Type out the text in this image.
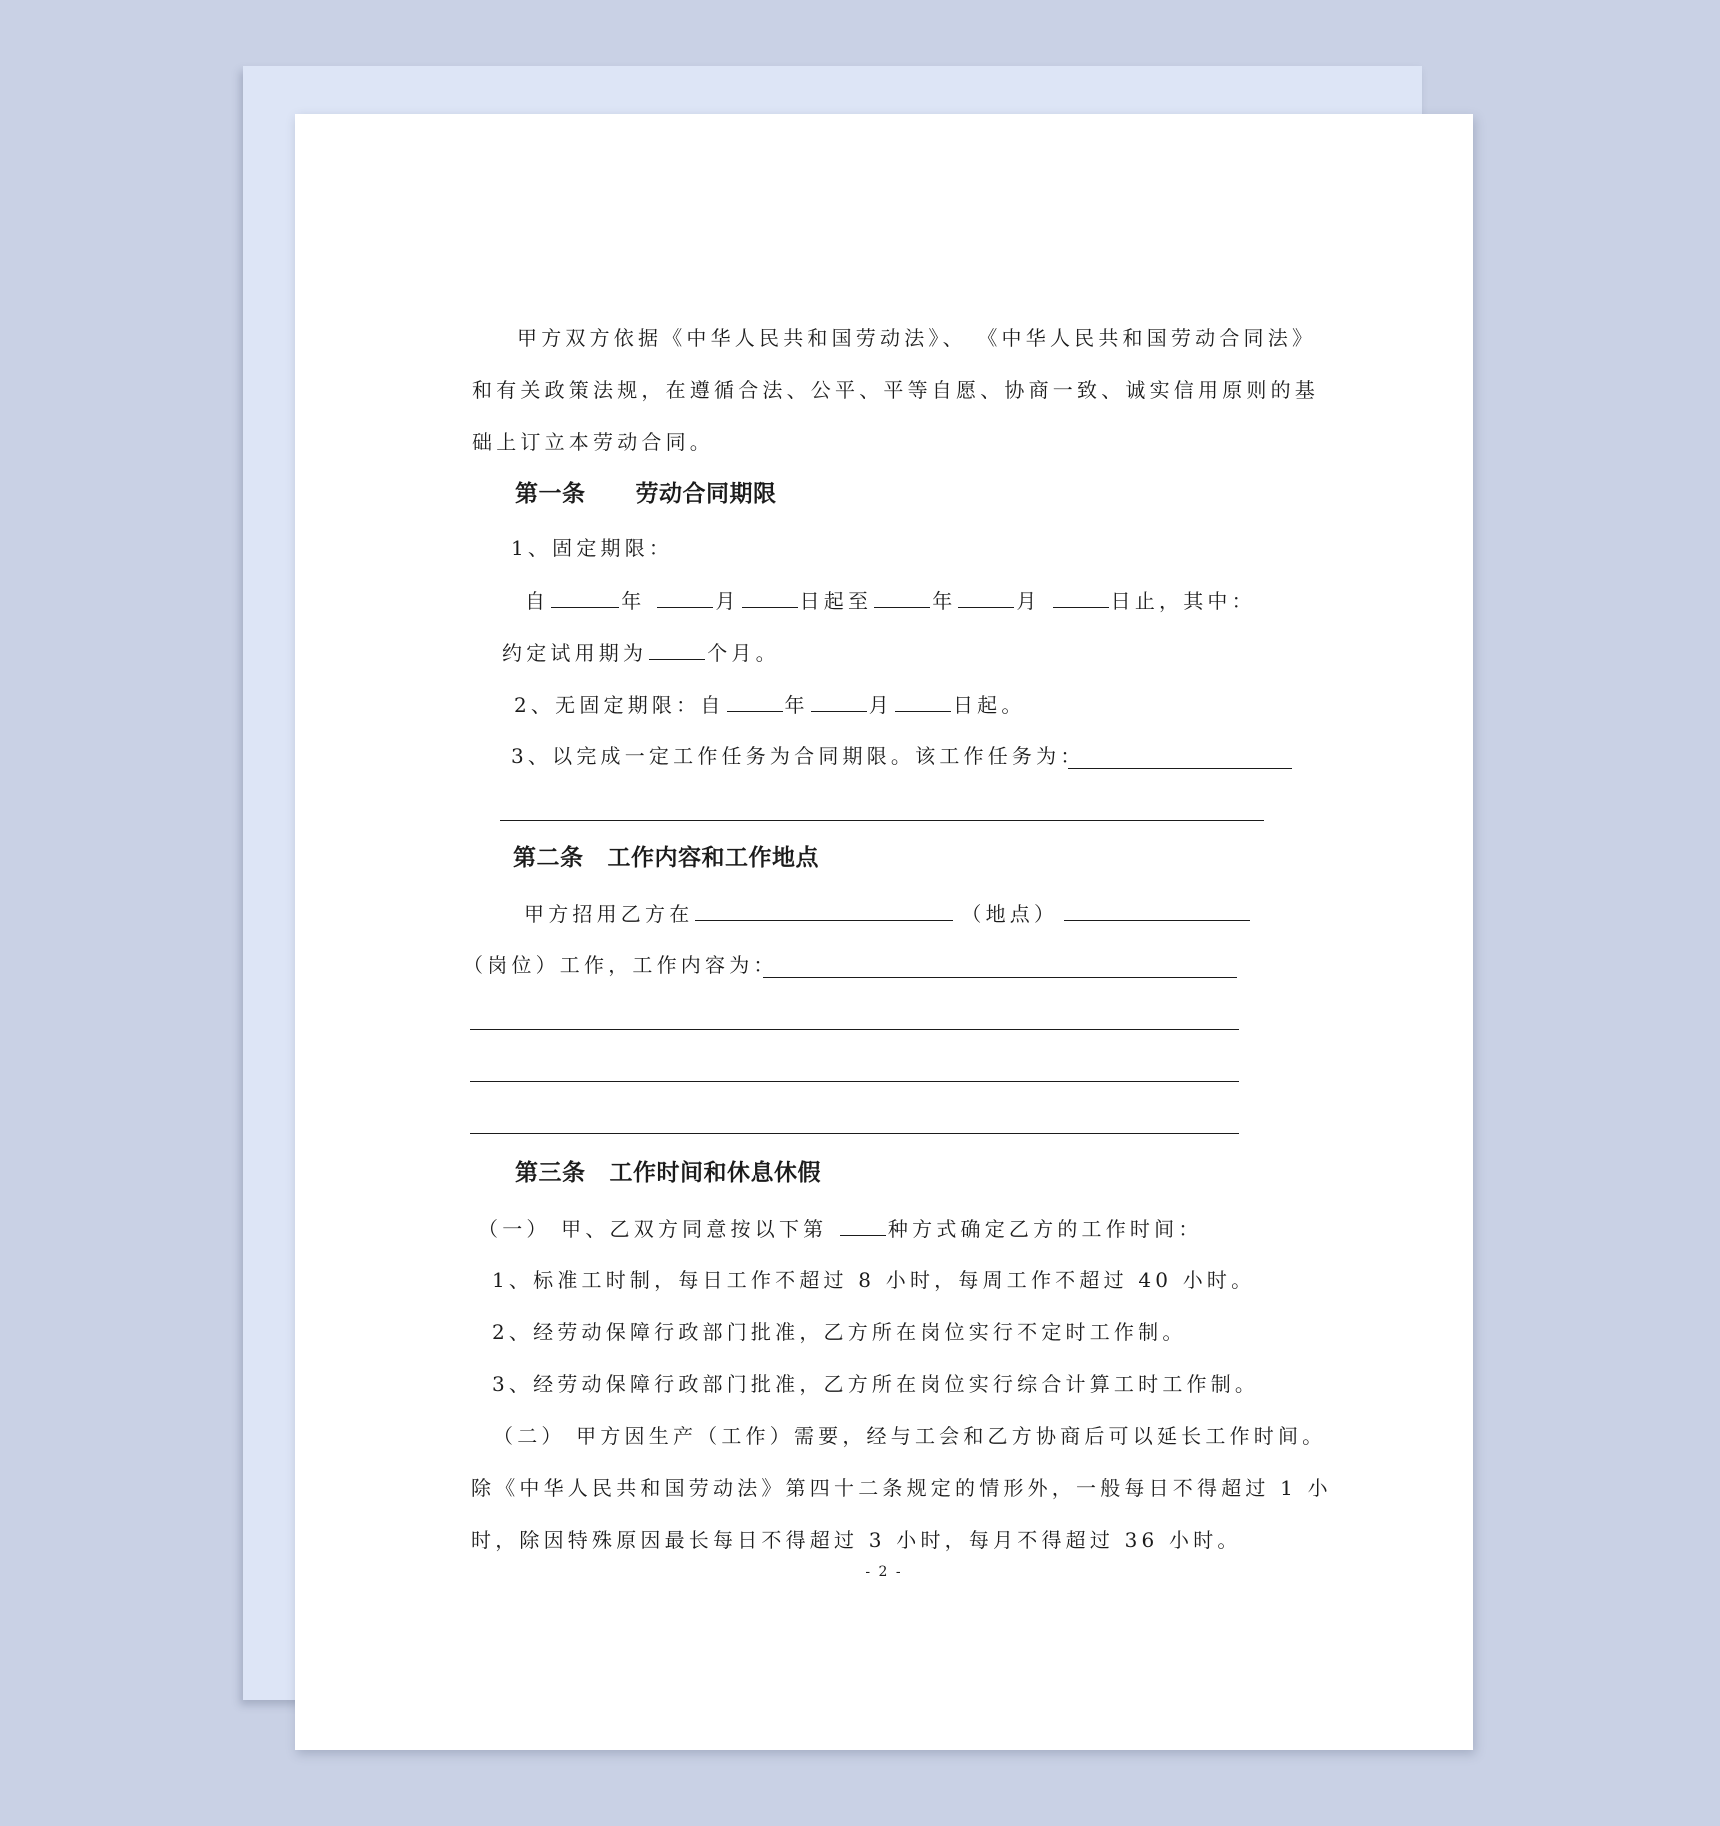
甲方双方依据《中华人民共和国劳动法》、 《中华人民共和国劳动合同法》
和有关政策法规，在遵循合法、公平、平等自愿、协商一致、诚实信用原则的基
础上订立本劳动合同。
第一条 劳动合同期限
1、固定期限：
自	年	月	日起至	年	月	日止，其中：
约定试用期为	个月。
2、无固定期限：自	年	月	日起。
3、以完成一定工作任务为合同期限。该工作任务为：
第二条 工作内容和工作地点
甲方招用乙方在	（地点）
（岗位）工作，工作内容为：
第三条 工作时间和休息休假
（一） 甲、乙双方同意按以下第	种方式确定乙方的工作时间：
1、标准工时制，每日工作不超过 8 小时，每周工作不超过 40 小时。
2、经劳动保障行政部门批准，乙方所在岗位实行不定时工作制。
3、经劳动保障行政部门批准，乙方所在岗位实行综合计算工时工作制。
（二） 甲方因生产（工作）需要，经与工会和乙方协商后可以延长工作时间。
除《中华人民共和国劳动法》第四十二条规定的情形外，一般每日不得超过 1 小
时，除因特殊原因最长每日不得超过 3 小时，每月不得超过 36 小时。
- 2 -
